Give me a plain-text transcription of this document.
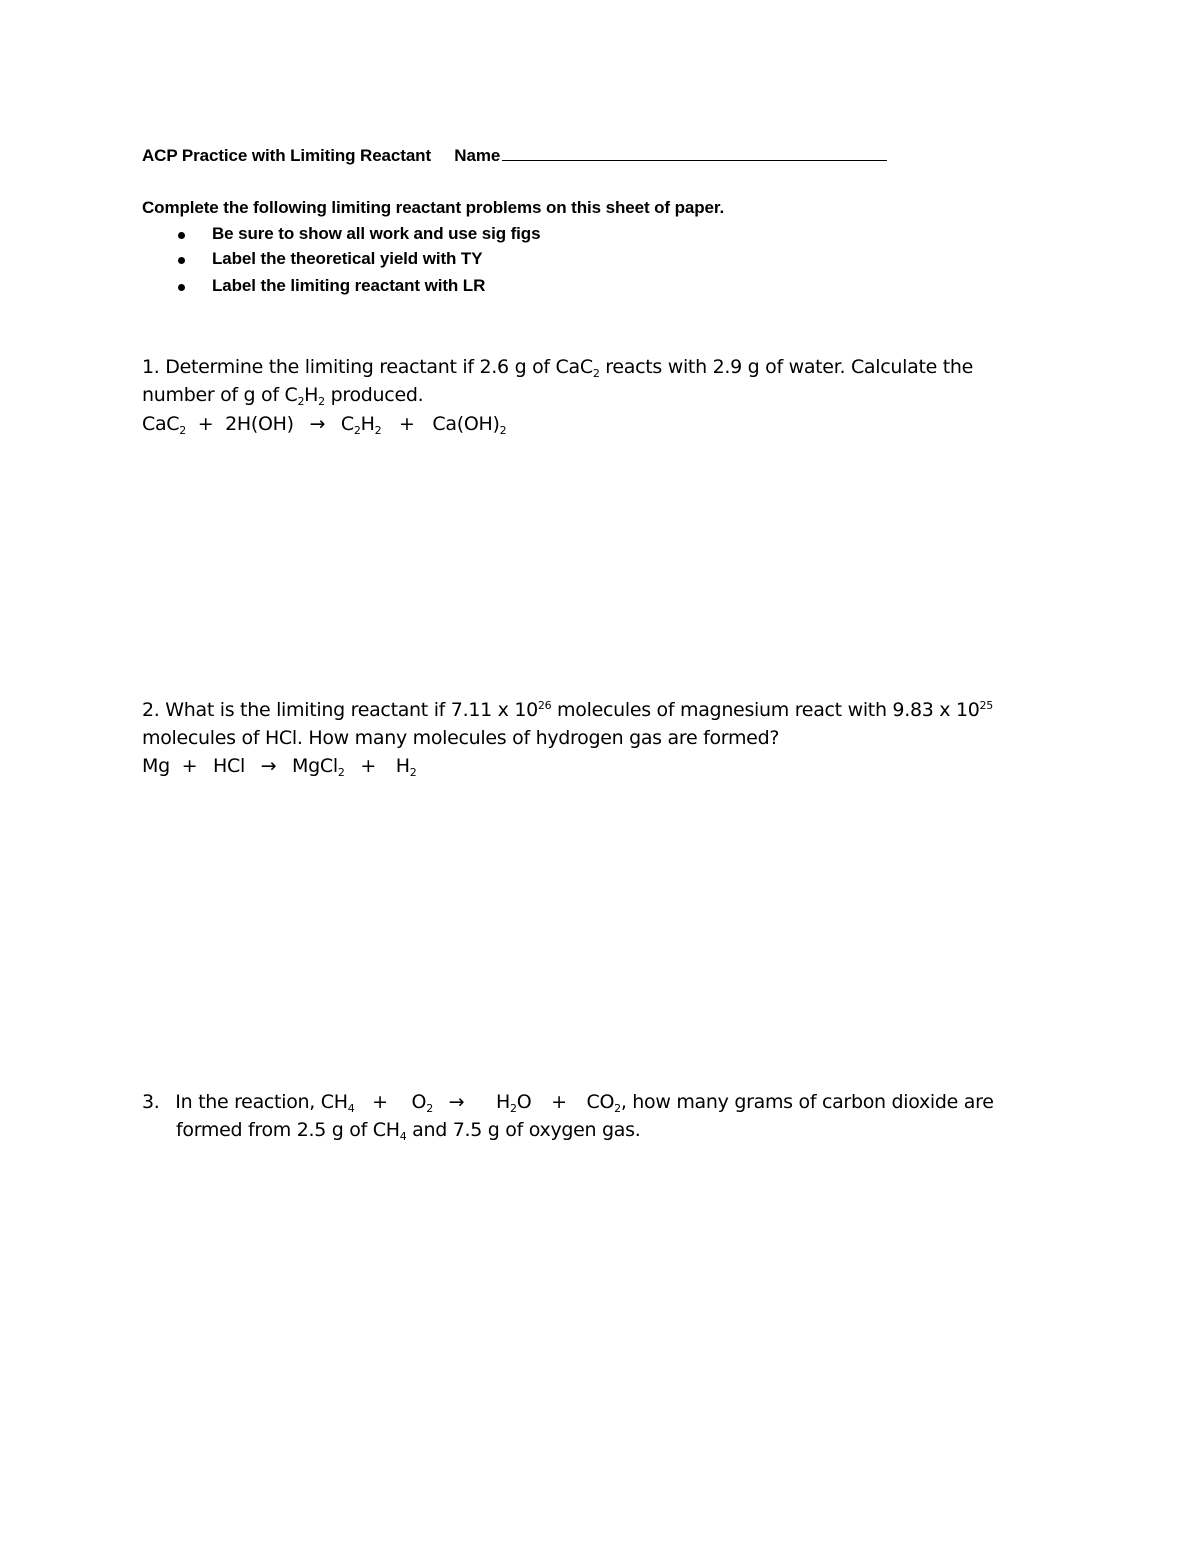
ACP Practice with Limiting Reactant Name
Complete the following limiting reactant problems on this sheet of paper.
Be sure to show all work and use sig figs
Label the theoretical yield with TY
Label the limiting reactant with LR
1. Determine the limiting reactant if 2.6 g of CaC$_2$ reacts with 2.9 g of water. Calculate the
number of g of $C_2H_2$ produced.
$CaC_2 + 2H(OH) \to C_2H_2 + Ca(OH)_2$
2. What is the limiting reactant if 7.11 x $10^{26}$ molecules of magnesium react with 9.83 x $10^{25}$
molecules of HCl. How many molecules of hydrogen gas are formed?
Mg + HCl → MgCl$_2$ + $H_2$
3. In the reaction, $CH_4 + O_2 \to H_2O + CO_2$, how many grams of carbon dioxide are
formed from 2.5 g of $CH_4$ and 7.5 g of oxygen gas.
